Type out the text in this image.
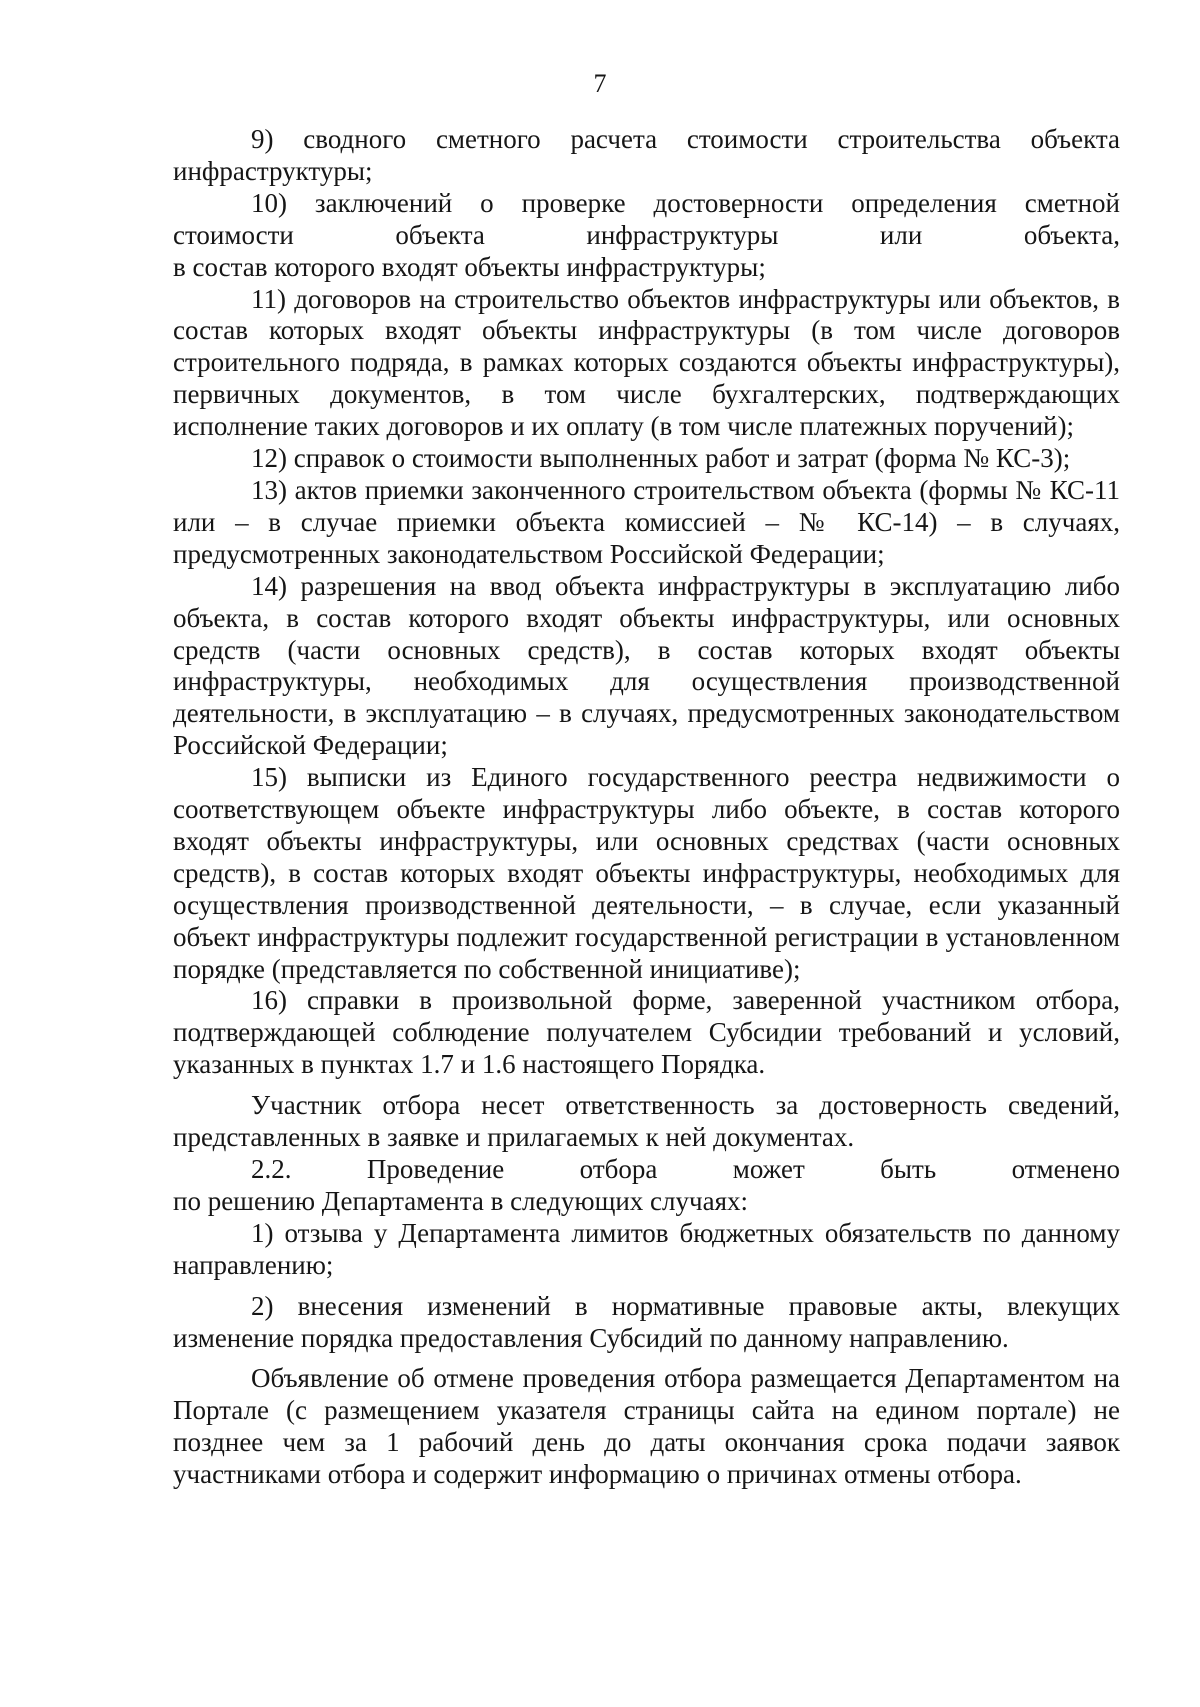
7

9) сводного сметного расчета стоимости строительства объекта инфраструктуры;

10) заключений о проверке достоверности определения сметной стоимости объекта инфраструктуры или объекта,

в состав которого входят объекты инфраструктуры;

11) договоров на строительство объектов инфраструктуры или объектов, в состав которых входят объекты инфраструктуры (в том числе договоров строительного подряда, в рамках которых создаются объекты инфраструктуры), первичных документов, в том числе бухгалтерских, подтверждающих исполнение таких договоров и их оплату (в том числе платежных поручений);

12) справок о стоимости выполненных работ и затрат (форма № КС-3);

13) актов приемки законченного строительством объекта (формы № КС-11 или – в случае приемки объекта комиссией – № КС-14) – в случаях, предусмотренных законодательством Российской Федерации;

14) разрешения на ввод объекта инфраструктуры в эксплуатацию либо объекта, в состав которого входят объекты инфраструктуры, или основных средств (части основных средств), в состав которых входят объекты инфраструктуры, необходимых для осуществления производственной деятельности, в эксплуатацию – в случаях, предусмотренных законодательством Российской Федерации;

15) выписки из Единого государственного реестра недвижимости о соответствующем объекте инфраструктуры либо объекте, в состав которого входят объекты инфраструктуры, или основных средствах (части основных средств), в состав которых входят объекты инфраструктуры, необходимых для осуществления производственной деятельности, – в случае, если указанный объект инфраструктуры подлежит государственной регистрации в установленном порядке (представляется по собственной инициативе);

16) справки в произвольной форме, заверенной участником отбора, подтверждающей соблюдение получателем Субсидии требований и условий, указанных в пунктах 1.7 и 1.6 настоящего Порядка.

Участник отбора несет ответственность за достоверность сведений, представленных в заявке и прилагаемых к ней документах.

2.2. Проведение отбора может быть отменено

по решению Департамента в следующих случаях:

1) отзыва у Департамента лимитов бюджетных обязательств по данному направлению;

2) внесения изменений в нормативные правовые акты, влекущих изменение порядка предоставления Субсидий по данному направлению.

Объявление об отмене проведения отбора размещается Департаментом на Портале (с размещением указателя страницы сайта на едином портале) не позднее чем за 1 рабочий день до даты окончания срока подачи заявок участниками отбора и содержит информацию о причинах отмены отбора.
